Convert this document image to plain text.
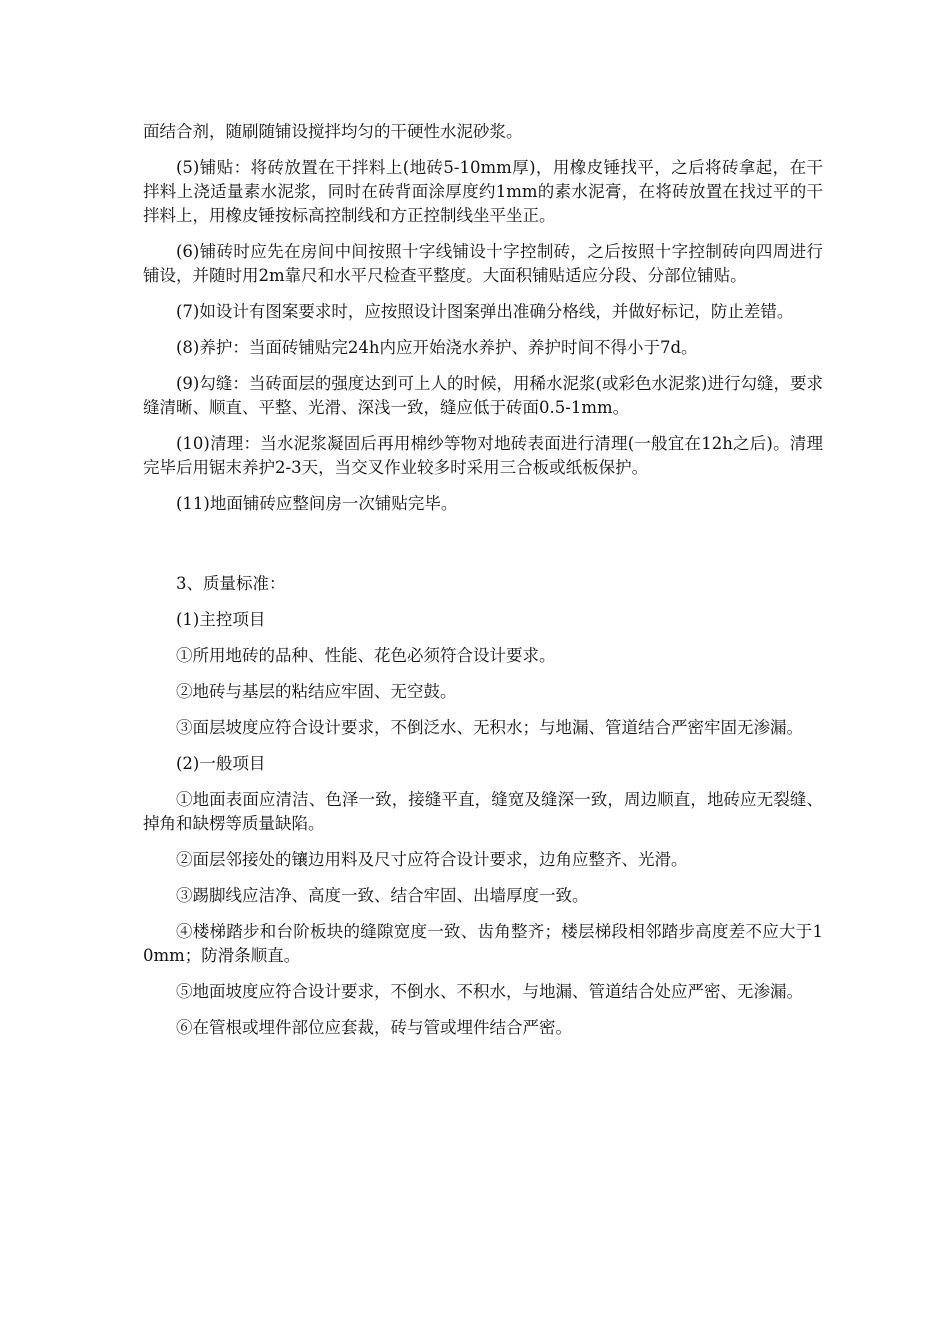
面结合剂，随刷随铺设搅拌均匀的干硬性水泥砂浆。

(5)铺贴：将砖放置在干拌料上(地砖5-10mm厚)，用橡皮锤找平，之后将砖拿起，在干拌料上浇适量素水泥浆，同时在砖背面涂厚度约1mm的素水泥膏，在将砖放置在找过平的干拌料上，用橡皮锤按标高控制线和方正控制线坐平坐正。

(6)铺砖时应先在房间中间按照十字线铺设十字控制砖，之后按照十字控制砖向四周进行铺设，并随时用2m靠尺和水平尺检查平整度。大面积铺贴适应分段、分部位铺贴。

(7)如设计有图案要求时，应按照设计图案弹出准确分格线，并做好标记，防止差错。

(8)养护：当面砖铺贴完24h内应开始浇水养护、养护时间不得小于7d。

(9)勾缝：当砖面层的强度达到可上人的时候，用稀水泥浆(或彩色水泥浆)进行勾缝，要求缝清晰、顺直、平整、光滑、深浅一致，缝应低于砖面0.5-1mm。

(10)清理：当水泥浆凝固后再用棉纱等物对地砖表面进行清理(一般宜在12h之后)。清理完毕后用锯末养护2-3天，当交叉作业较多时采用三合板或纸板保护。

(11)地面铺砖应整间房一次铺贴完毕。

3、质量标准：

(1)主控项目

①所用地砖的品种、性能、花色必须符合设计要求。

②地砖与基层的粘结应牢固、无空鼓。

③面层坡度应符合设计要求，不倒泛水、无积水；与地漏、管道结合严密牢固无渗漏。

(2)一般项目

①地面表面应清洁、色泽一致，接缝平直，缝宽及缝深一致，周边顺直，地砖应无裂缝、掉角和缺楞等质量缺陷。

②面层邻接处的镶边用料及尺寸应符合设计要求，边角应整齐、光滑。

③踢脚线应洁净、高度一致、结合牢固、出墙厚度一致。

④楼梯踏步和台阶板块的缝隙宽度一致、齿角整齐；楼层梯段相邻踏步高度差不应大于10mm；防滑条顺直。

⑤地面坡度应符合设计要求，不倒水、不积水，与地漏、管道结合处应严密、无渗漏。

⑥在管根或埋件部位应套裁，砖与管或埋件结合严密。
